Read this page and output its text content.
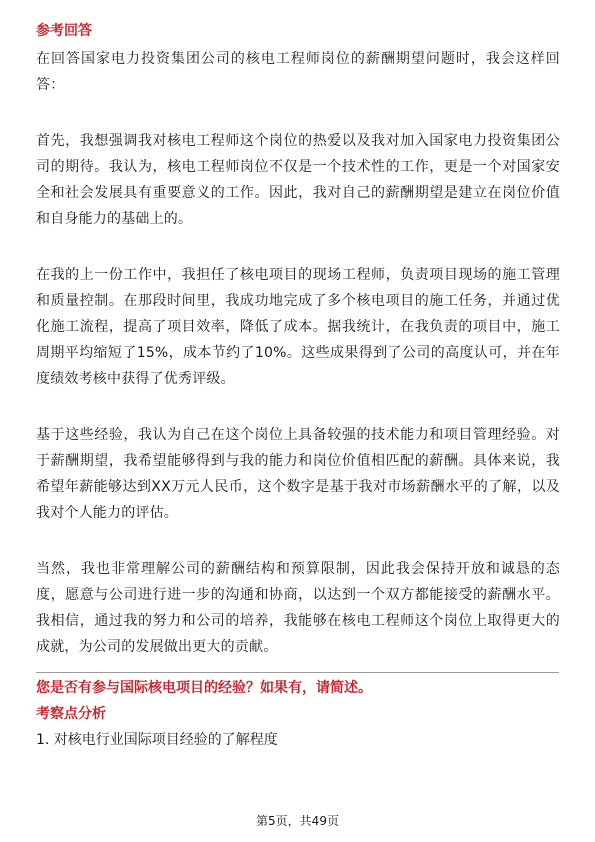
参考回答

在回答国家电力投资集团公司的核电工程师岗位的薪酬期望问题时，我会这样回答：

首先，我想强调我对核电工程师这个岗位的热爱以及我对加入国家电力投资集团公司的期待。我认为，核电工程师岗位不仅是一个技术性的工作，更是一个对国家安全和社会发展具有重要意义的工作。因此，我对自己的薪酬期望是建立在岗位价值和自身能力的基础上的。

在我的上一份工作中，我担任了核电项目的现场工程师，负责项目现场的施工管理和质量控制。在那段时间里，我成功地完成了多个核电项目的施工任务，并通过优化施工流程，提高了项目效率，降低了成本。据我统计，在我负责的项目中，施工周期平均缩短了15%，成本节约了10%。这些成果得到了公司的高度认可，并在年度绩效考核中获得了优秀评级。

基于这些经验，我认为自己在这个岗位上具备较强的技术能力和项目管理经验。对于薪酬期望，我希望能够得到与我的能力和岗位价值相匹配的薪酬。具体来说，我希望年薪能够达到XX万元人民币，这个数字是基于我对市场薪酬水平的了解，以及我对个人能力的评估。

当然，我也非常理解公司的薪酬结构和预算限制，因此我会保持开放和诚恳的态度，愿意与公司进行进一步的沟通和协商，以达到一个双方都能接受的薪酬水平。我相信，通过我的努力和公司的培养，我能够在核电工程师这个岗位上取得更大的成就，为公司的发展做出更大的贡献。

您是否有参与国际核电项目的经验？如果有，请简述。
考察点分析
1. 对核电行业国际项目经验的了解程度
第5页，共49页
